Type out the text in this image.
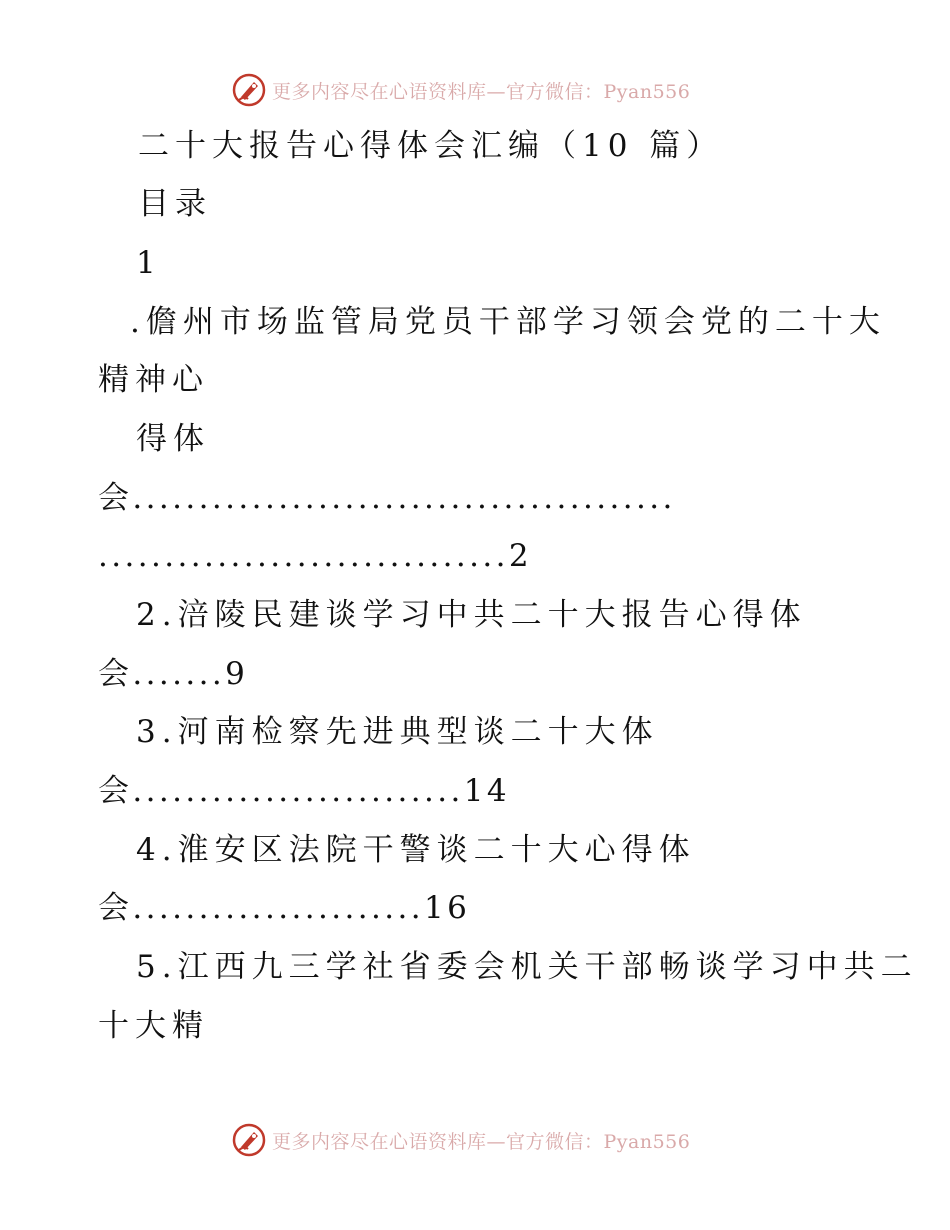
更多内容尽在心语资料库—官方微信：Pyan556
二十大报告心得体会汇编（10 篇）
目录
1
.儋州市场监管局党员干部学习领会党的二十大
精神心
得体
会.........................................
...............................2
2.涪陵民建谈学习中共二十大报告心得体
会.......9
3.河南检察先进典型谈二十大体
会.........................14
4.淮安区法院干警谈二十大心得体
会......................16
5.江西九三学社省委会机关干部畅谈学习中共二
十大精
更多内容尽在心语资料库—官方微信：Pyan556
